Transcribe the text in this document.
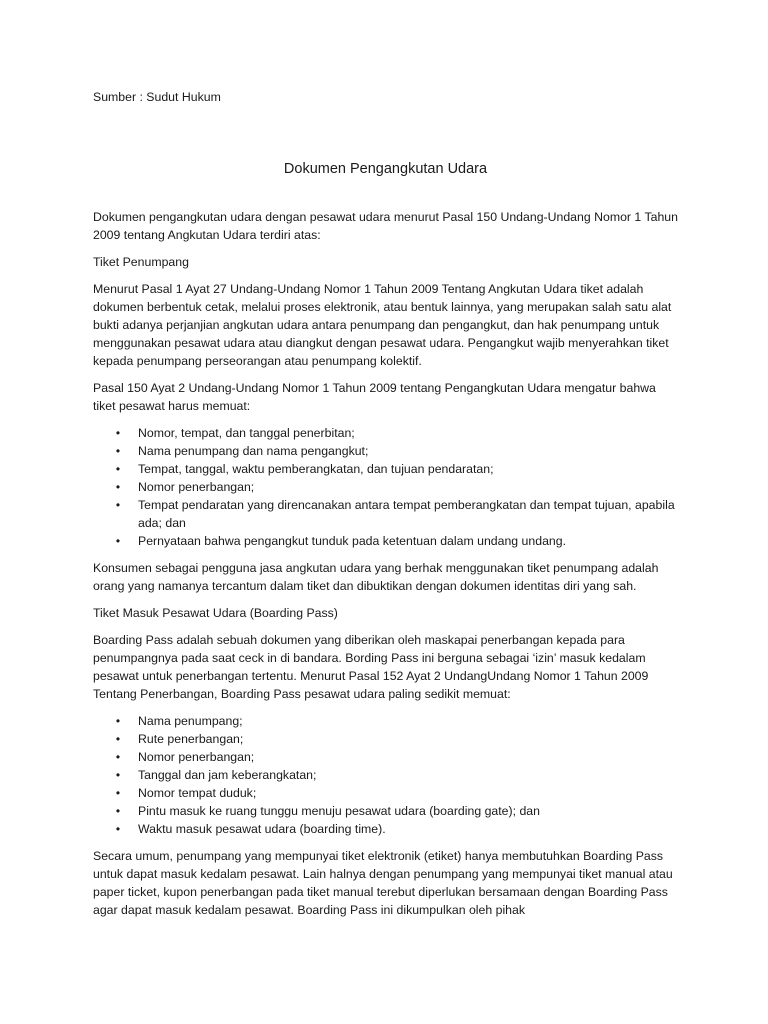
Sumber : Sudut Hukum

Dokumen Pengangkutan Udara

Dokumen pengangkutan udara dengan pesawat udara menurut Pasal 150 Undang-Undang Nomor 1 Tahun 2009 tentang Angkutan Udara terdiri atas:

Tiket Penumpang

Menurut Pasal 1 Ayat 27 Undang-Undang Nomor 1 Tahun 2009 Tentang Angkutan Udara tiket adalah dokumen berbentuk cetak, melalui proses elektronik, atau bentuk lainnya, yang merupakan salah satu alat bukti adanya perjanjian angkutan udara antara penumpang dan pengangkut, dan hak penumpang untuk menggunakan pesawat udara atau diangkut dengan pesawat udara. Pengangkut wajib menyerahkan tiket kepada penumpang perseorangan atau penumpang kolektif.

Pasal 150 Ayat 2 Undang-Undang Nomor 1 Tahun 2009 tentang Pengangkutan Udara mengatur bahwa tiket pesawat harus memuat:

• Nomor, tempat, dan tanggal penerbitan;
• Nama penumpang dan nama pengangkut;
• Tempat, tanggal, waktu pemberangkatan, dan tujuan pendaratan;
• Nomor penerbangan;
• Tempat pendaratan yang direncanakan antara tempat pemberangkatan dan tempat tujuan, apabila ada; dan
• Pernyataan bahwa pengangkut tunduk pada ketentuan dalam undang undang.

Konsumen sebagai pengguna jasa angkutan udara yang berhak menggunakan tiket penumpang adalah orang yang namanya tercantum dalam tiket dan dibuktikan dengan dokumen identitas diri yang sah.

Tiket Masuk Pesawat Udara (Boarding Pass)

Boarding Pass adalah sebuah dokumen yang diberikan oleh maskapai penerbangan kepada para penumpangnya pada saat ceck in di bandara. Bording Pass ini berguna sebagai ‘izin’ masuk kedalam pesawat untuk penerbangan tertentu. Menurut Pasal 152 Ayat 2 UndangUndang Nomor 1 Tahun 2009 Tentang Penerbangan, Boarding Pass pesawat udara paling sedikit memuat:

• Nama penumpang;
• Rute penerbangan;
• Nomor penerbangan;
• Tanggal dan jam keberangkatan;
• Nomor tempat duduk;
• Pintu masuk ke ruang tunggu menuju pesawat udara (boarding gate); dan
• Waktu masuk pesawat udara (boarding time).

Secara umum, penumpang yang mempunyai tiket elektronik (etiket) hanya membutuhkan Boarding Pass untuk dapat masuk kedalam pesawat. Lain halnya dengan penumpang yang mempunyai tiket manual atau paper ticket, kupon penerbangan pada tiket manual terebut diperlukan bersamaan dengan Boarding Pass agar dapat masuk kedalam pesawat. Boarding Pass ini dikumpulkan oleh pihak
